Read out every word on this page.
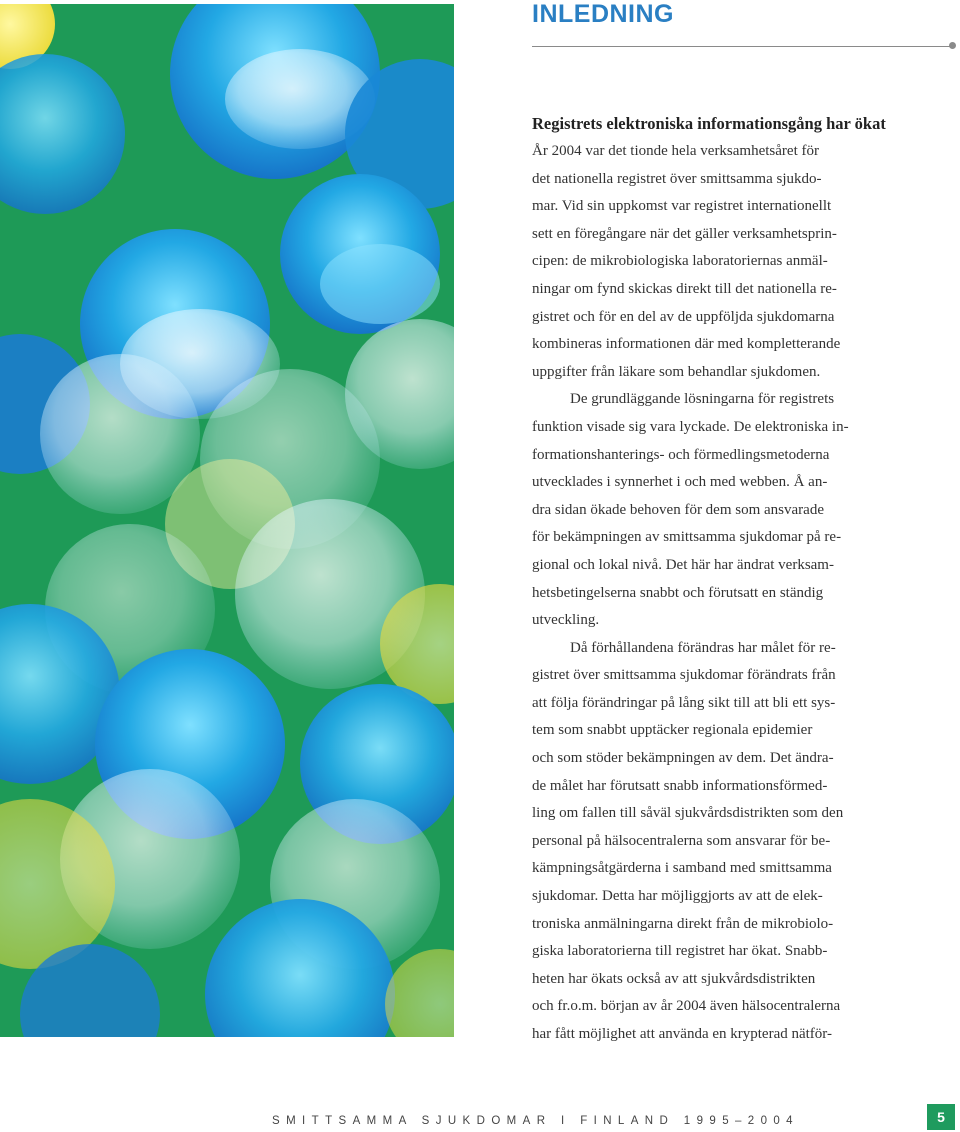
INLEDNING

Registrets elektroniska informationsgång har ökat

År 2004 var det tionde hela verksamhetsåret för

det nationella registret över smittsamma sjukdo-

mar. Vid sin uppkomst var registret internationellt

sett en föregångare när det gäller verksamhetsprin-

cipen: de mikrobiologiska laboratoriernas anmäl-

ningar om fynd skickas direkt till det nationella re-

gistret och för en del av de uppföljda sjukdomarna

kombineras informationen där med kompletterande

uppgifter från läkare som behandlar sjukdomen.

De grundläggande lösningarna för registrets

funktion visade sig vara lyckade. De elektroniska in-

formationshanterings- och förmedlingsmetoderna

utvecklades i synnerhet i och med webben. Å an-

dra sidan ökade behoven för dem som ansvarade

för bekämpningen av smittsamma sjukdomar på re-

gional och lokal nivå. Det här har ändrat verksam-

hetsbetingelserna snabbt och förutsatt en ständig

utveckling.

Då förhållandena förändras har målet för re-

gistret över smittsamma sjukdomar förändrats från

att följa förändringar på lång sikt till att bli ett sys-

tem som snabbt upptäcker regionala epidemier

och som stöder bekämpningen av dem. Det ändra-

de målet har förutsatt snabb informationsförmed-

ling om fallen till såväl sjukvårdsdistrikten som den

personal på hälsocentralerna som ansvarar för be-

kämpningsåtgärderna i samband med smittsamma

sjukdomar. Detta har möjliggjorts av att de elek-

troniska anmälningarna direkt från de mikrobiolo-

giska laboratorierna till registret har ökat. Snabb-

heten har ökats också av att sjukvårdsdistrikten

och fr.o.m. början av år 2004 även hälsocentralerna

har fått möjlighet att använda en krypterad nätför-

SMITTSAMMA SJUKDOMAR I FINLAND 1995–2004	5
